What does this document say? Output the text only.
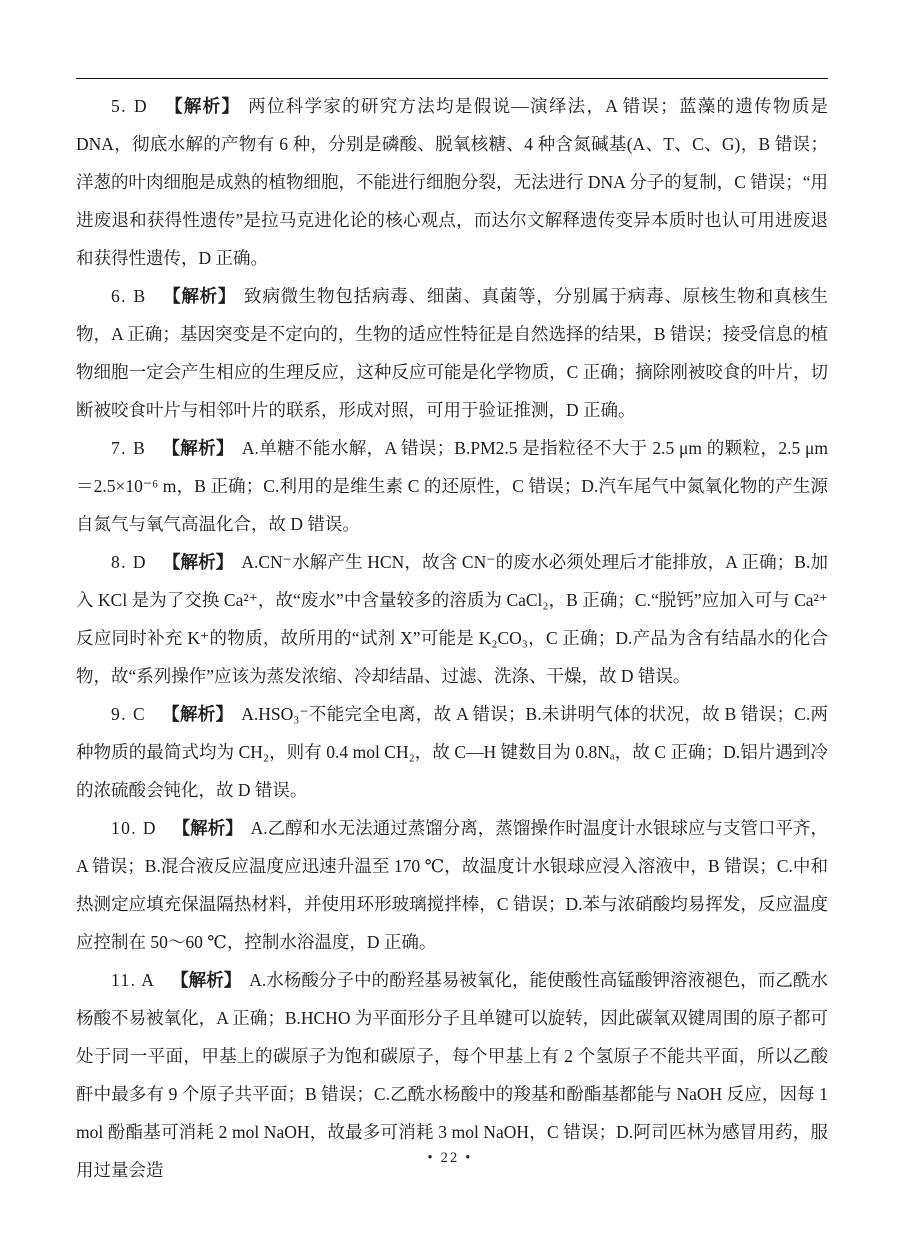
5. D 【解析】 两位科学家的研究方法均是假说—演绎法，A 错误；蓝藻的遗传物质是 DNA，彻底水解的产物有 6 种，分别是磷酸、脱氧核糖、4 种含氮碱基(A、T、C、G)，B 错误；洋葱的叶肉细胞是成熟的植物细胞，不能进行细胞分裂，无法进行 DNA 分子的复制，C 错误；“用进废退和获得性遗传”是拉马克进化论的核心观点，而达尔文解释遗传变异本质时也认可用进废退和获得性遗传，D 正确。

6. B 【解析】 致病微生物包括病毒、细菌、真菌等，分别属于病毒、原核生物和真核生物，A 正确；基因突变是不定向的，生物的适应性特征是自然选择的结果，B 错误；接受信息的植物细胞一定会产生相应的生理反应，这种反应可能是化学物质，C 正确；摘除刚被咬食的叶片，切断被咬食叶片与相邻叶片的联系，形成对照，可用于验证推测，D 正确。

7. B 【解析】 A.单糖不能水解，A 错误；B.PM2.5 是指粒径不大于 2.5 μm 的颗粒，2.5 μm＝2.5×10⁻⁶ m，B 正确；C.利用的是维生素 C 的还原性，C 错误；D.汽车尾气中氮氧化物的产生源自氮气与氧气高温化合，故 D 错误。

8. D 【解析】 A.CN⁻水解产生 HCN，故含 CN⁻的废水必须处理后才能排放，A 正确；B.加入 KCl 是为了交换 Ca²⁺，故“废水”中含量较多的溶质为 CaCl₂，B 正确；C.“脱钙”应加入可与 Ca²⁺反应同时补充 K⁺的物质，故所用的“试剂 X”可能是 K₂CO₃，C 正确；D.产品为含有结晶水的化合物，故“系列操作”应该为蒸发浓缩、冷却结晶、过滤、洗涤、干燥，故 D 错误。

9. C 【解析】 A.HSO₃⁻不能完全电离，故 A 错误；B.未讲明气体的状况，故 B 错误；C.两种物质的最简式均为 CH₂，则有 0.4 mol CH₂，故 C—H 键数目为 0.8Nₐ，故 C 正确；D.铝片遇到冷的浓硫酸会钝化，故 D 错误。

10. D 【解析】 A.乙醇和水无法通过蒸馏分离，蒸馏操作时温度计水银球应与支管口平齐，A 错误；B.混合液反应温度应迅速升温至 170 ℃，故温度计水银球应浸入溶液中，B 错误；C.中和热测定应填充保温隔热材料，并使用环形玻璃搅拌棒，C 错误；D.苯与浓硝酸均易挥发，反应温度应控制在 50～60 ℃，控制水浴温度，D 正确。

11. A 【解析】 A.水杨酸分子中的酚羟基易被氧化，能使酸性高锰酸钾溶液褪色，而乙酰水杨酸不易被氧化，A 正确；B.HCHO 为平面形分子且单键可以旋转，因此碳氧双键周围的原子都可处于同一平面，甲基上的碳原子为饱和碳原子，每个甲基上有 2 个氢原子不能共平面，所以乙酸酐中最多有 9 个原子共平面；B 错误；C.乙酰水杨酸中的羧基和酚酯基都能与 NaOH 反应，因每 1 mol 酚酯基可消耗 2 mol NaOH，故最多可消耗 3 mol NaOH，C 错误；D.阿司匹林为感冒用药，服用过量会造

• 22 •
